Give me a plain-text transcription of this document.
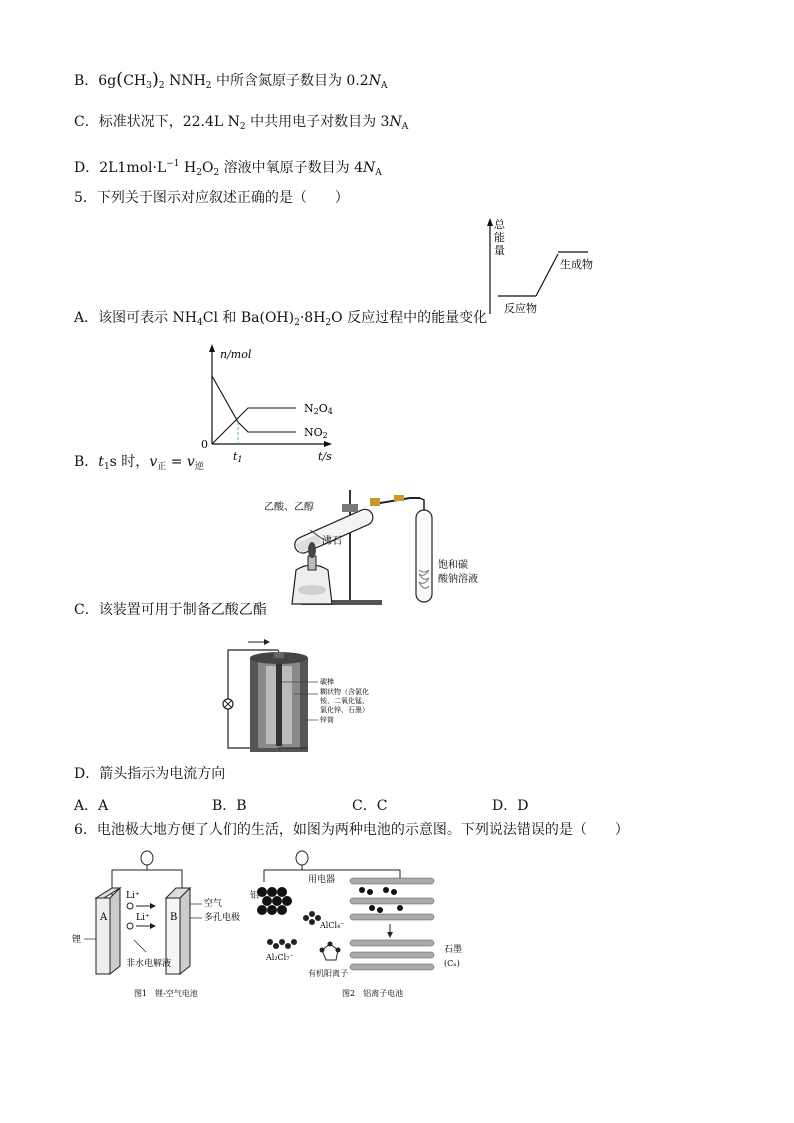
B．$6g(CH_3)_2$ $NNH_2$ 中所含氮原子数目为 $0.2N_A$
C．标准状况下，22.4L $N_2$ 中共用电子对数目为 $3N_A$
D．$2L1mol\cdot L^{-1}$ $H_2O_2$ 溶液中氧原子数目为 $4N_A$
5．下列关于图示对应叙述正确的是（　　）
总
能
量
反应物
生成物
A．该图可表示 $NH_4Cl$ 和 $Ba(OH)_2\cdot 8H_2O$ 反应过程中的能量变化
n/mol
0
t/s
t1
N2O4
NO2
B．$t_1s$ 时，$v_正 = v_逆$
乙酸、乙醇
沸石
饱和碳
酸钠溶液
C．该装置可用于制备乙酸乙酯
碳棒
糊状物（含氯化
铵、二氧化锰、
氯化锌、石墨）
锌筒
D．箭头指示为电流方向
A．A	B．B	C．C	D．D
6．电池极大地方便了人们的生活，如图为两种电池的示意图。下列说法错误的是（　　）
A	B
Li⁺
Li⁺
空气
多孔电极
锂
非水电解液
图1　锂-空气电池
用电器
铝
AlCl₄⁻
Al₂Cl₇⁻
有机阳离子
石墨
(Cₙ)
图2　铝离子电池
